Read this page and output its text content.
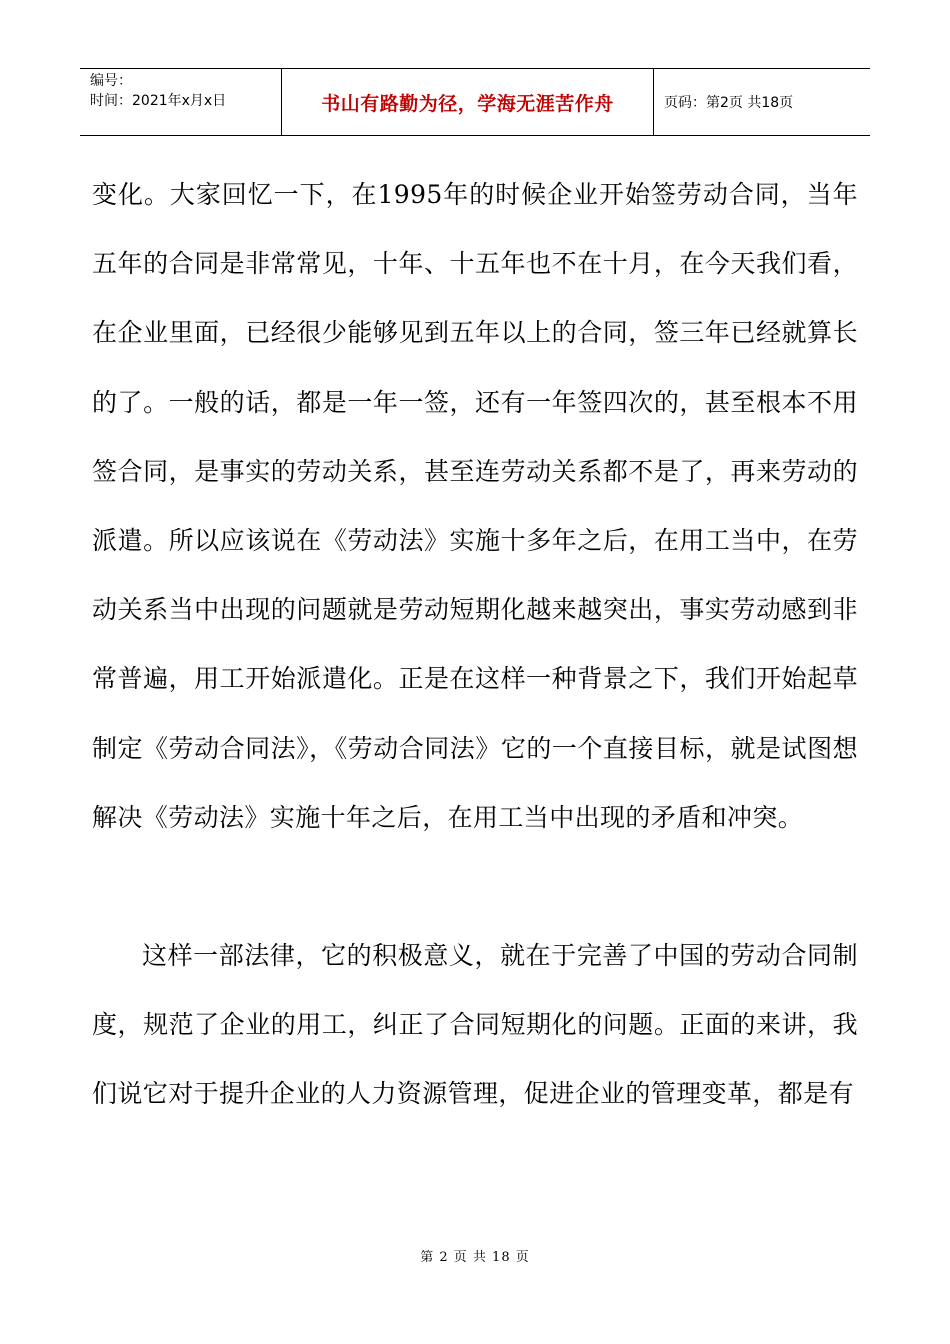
编号：
时间：2021年x月x日	书山有路勤为径，学海无涯苦作舟	页码：第2页 共18页

变化。大家回忆一下，在1995年的时候企业开始签劳动合同，当年五年的合同是非常常见，十年、十五年也不在十月，在今天我们看，在企业里面，已经很少能够见到五年以上的合同，签三年已经就算长的了。一般的话，都是一年一签，还有一年签四次的，甚至根本不用签合同，是事实的劳动关系，甚至连劳动关系都不是了，再来劳动的派遣。所以应该说在《劳动法》实施十多年之后，在用工当中，在劳动关系当中出现的问题就是劳动短期化越来越突出，事实劳动感到非常普遍，用工开始派遣化。正是在这样一种背景之下，我们开始起草制定《劳动合同法》，《劳动合同法》它的一个直接目标，就是试图想解决《劳动法》实施十年之后，在用工当中出现的矛盾和冲突。

这样一部法律，它的积极意义，就在于完善了中国的劳动合同制度，规范了企业的用工，纠正了合同短期化的问题。正面的来讲，我们说它对于提升企业的人力资源管理，促进企业的管理变革，都是有

第 2 页 共 18 页
